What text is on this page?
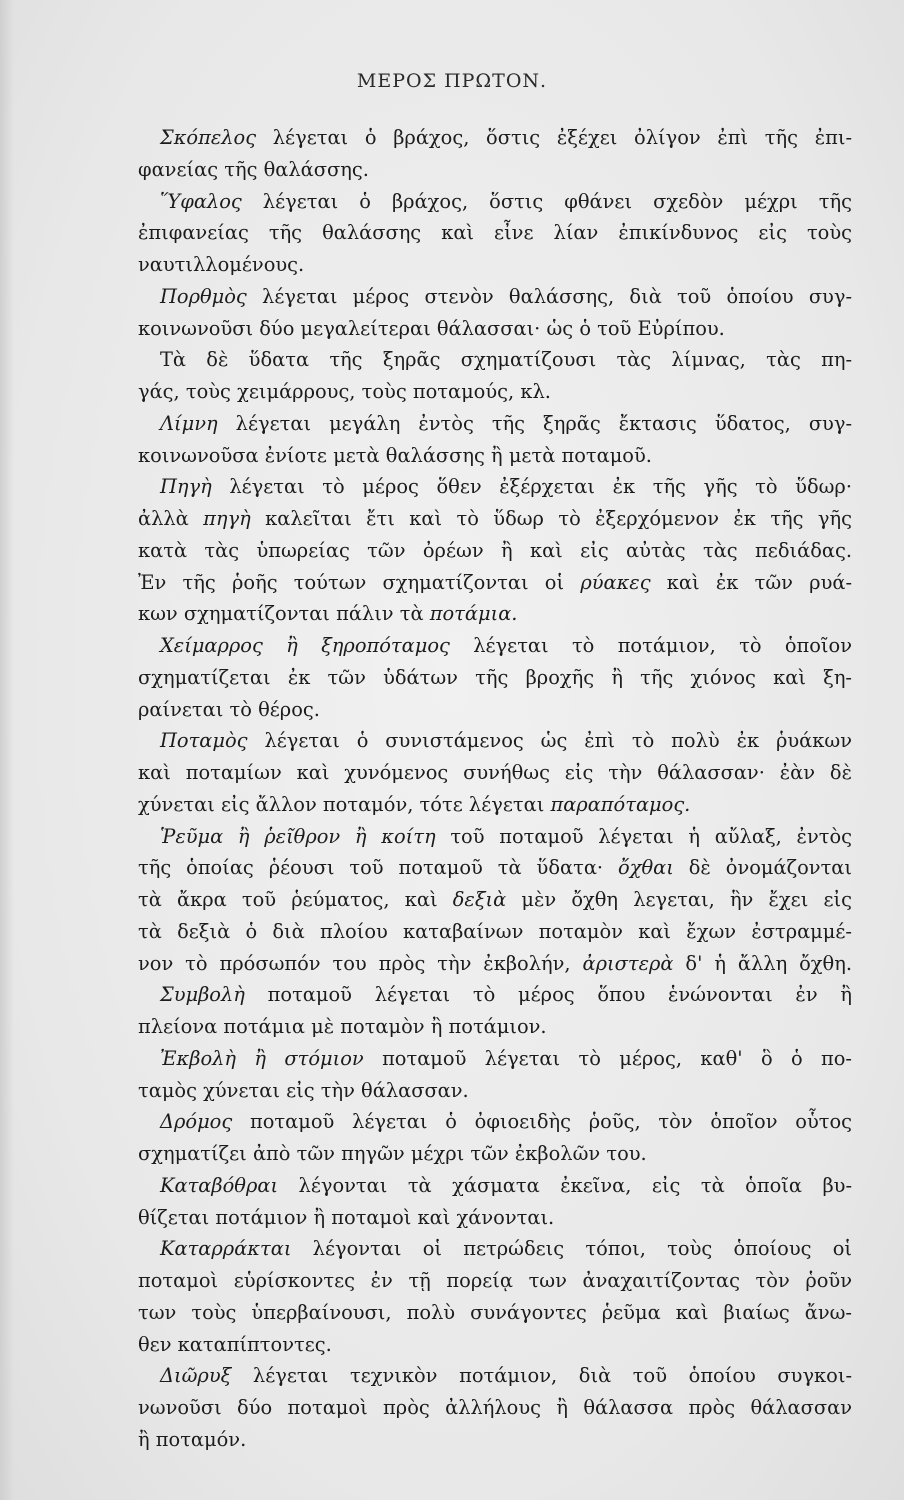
ΜΕΡΟΣ ΠΡΩΤΟΝ.
Σκόπελος λέγεται ὁ βράχος, ὅστις ἐξέχει ὀλίγον ἐπὶ τῆς ἐπι-
φανείας τῆς θαλάσσης.
Ὕφαλος λέγεται ὁ βράχος, ὅστις φθάνει σχεδὸν μέχρι τῆς
ἐπιφανείας τῆς θαλάσσης καὶ εἶνε λίαν ἐπικίνδυνος εἰς τοὺς
ναυτιλλομένους.
Πορθμὸς λέγεται μέρος στενὸν θαλάσσης, διὰ τοῦ ὁποίου συγ-
κοινωνοῦσι δύο μεγαλείτεραι θάλασσαι· ὡς ὁ τοῦ Εὐρίπου.
Τὰ δὲ ὕδατα τῆς ξηρᾶς σχηματίζουσι τὰς λίμνας, τὰς πη-
γάς, τοὺς χειμάρρους, τοὺς ποταμούς, κλ.
Λίμνη λέγεται μεγάλη ἐντὸς τῆς ξηρᾶς ἔκτασις ὕδατος, συγ-
κοινωνοῦσα ἐνίοτε μετὰ θαλάσσης ἢ μετὰ ποταμοῦ.
Πηγὴ λέγεται τὸ μέρος ὅθεν ἐξέρχεται ἐκ τῆς γῆς τὸ ὕδωρ·
ἀλλὰ πηγὴ καλεῖται ἔτι καὶ τὸ ὕδωρ τὸ ἐξερχόμενον ἐκ τῆς γῆς
κατὰ τὰς ὑπωρείας τῶν ὀρέων ἢ καὶ εἰς αὐτὰς τὰς πεδιάδας.
Ἐν τῆς ῥοῆς τούτων σχηματίζονται οἱ ρύακες καὶ ἐκ τῶν ρυά-
κων σχηματίζονται πάλιν τὰ ποτάμια.
Χείμαρρος ἢ ξηροπόταμος λέγεται τὸ ποτάμιον, τὸ ὁποῖον
σχηματίζεται ἐκ τῶν ὑδάτων τῆς βροχῆς ἢ τῆς χιόνος καὶ ξη-
ραίνεται τὸ θέρος.
Ποταμὸς λέγεται ὁ συνιστάμενος ὡς ἐπὶ τὸ πολὺ ἐκ ῥυάκων
καὶ ποταμίων καὶ χυνόμενος συνήθως εἰς τὴν θάλασσαν· ἐὰν δὲ
χύνεται εἰς ἄλλον ποταμόν, τότε λέγεται παραπόταμος.
Ῥεῦμα ἢ ῥεῖθρον ἢ κοίτη τοῦ ποταμοῦ λέγεται ἡ αὔλαξ, ἐντὸς
τῆς ὁποίας ῥέουσι τοῦ ποταμοῦ τὰ ὕδατα· ὄχθαι δὲ ὀνομάζονται
τὰ ἄκρα τοῦ ῥεύματος, καὶ δεξιὰ μὲν ὄχθη λεγεται, ἣν ἔχει εἰς
τὰ δεξιὰ ὁ διὰ πλοίου καταβαίνων ποταμὸν καὶ ἔχων ἐστραμμέ-
νον τὸ πρόσωπόν του πρὸς τὴν ἐκβολήν, ἀριστερὰ δ' ἡ ἄλλη ὄχθη.
Συμβολὴ ποταμοῦ λέγεται τὸ μέρος ὅπου ἑνώνονται ἐν ἢ
πλείονα ποτάμια μὲ ποταμὸν ἢ ποτάμιον.
Ἐκβολὴ ἢ στόμιον ποταμοῦ λέγεται τὸ μέρος, καθ' ὃ ὁ πο-
ταμὸς χύνεται εἰς τὴν θάλασσαν.
Δρόμος ποταμοῦ λέγεται ὁ ὀφιοειδὴς ῥοῦς, τὸν ὁποῖον οὗτος
σχηματίζει ἀπὸ τῶν πηγῶν μέχρι τῶν ἐκβολῶν του.
Καταβόθραι λέγονται τὰ χάσματα ἐκεῖνα, εἰς τὰ ὁποῖα βυ-
θίζεται ποτάμιον ἢ ποταμοὶ καὶ χάνονται.
Καταρράκται λέγονται οἱ πετρώδεις τόποι, τοὺς ὁποίους οἱ
ποταμοὶ εὑρίσκοντες ἐν τῇ πορείᾳ των ἀναχαιτίζοντας τὸν ῥοῦν
των τοὺς ὑπερβαίνουσι, πολὺ συνάγοντες ῥεῦμα καὶ βιαίως ἄνω-
θεν καταπίπτοντες.
Διῶρυξ λέγεται τεχνικὸν ποτάμιον, διὰ τοῦ ὁποίου συγκοι-
νωνοῦσι δύο ποταμοὶ πρὸς ἀλλήλους ἢ θάλασσα πρὸς θάλασσαν
ἢ ποταμόν.
